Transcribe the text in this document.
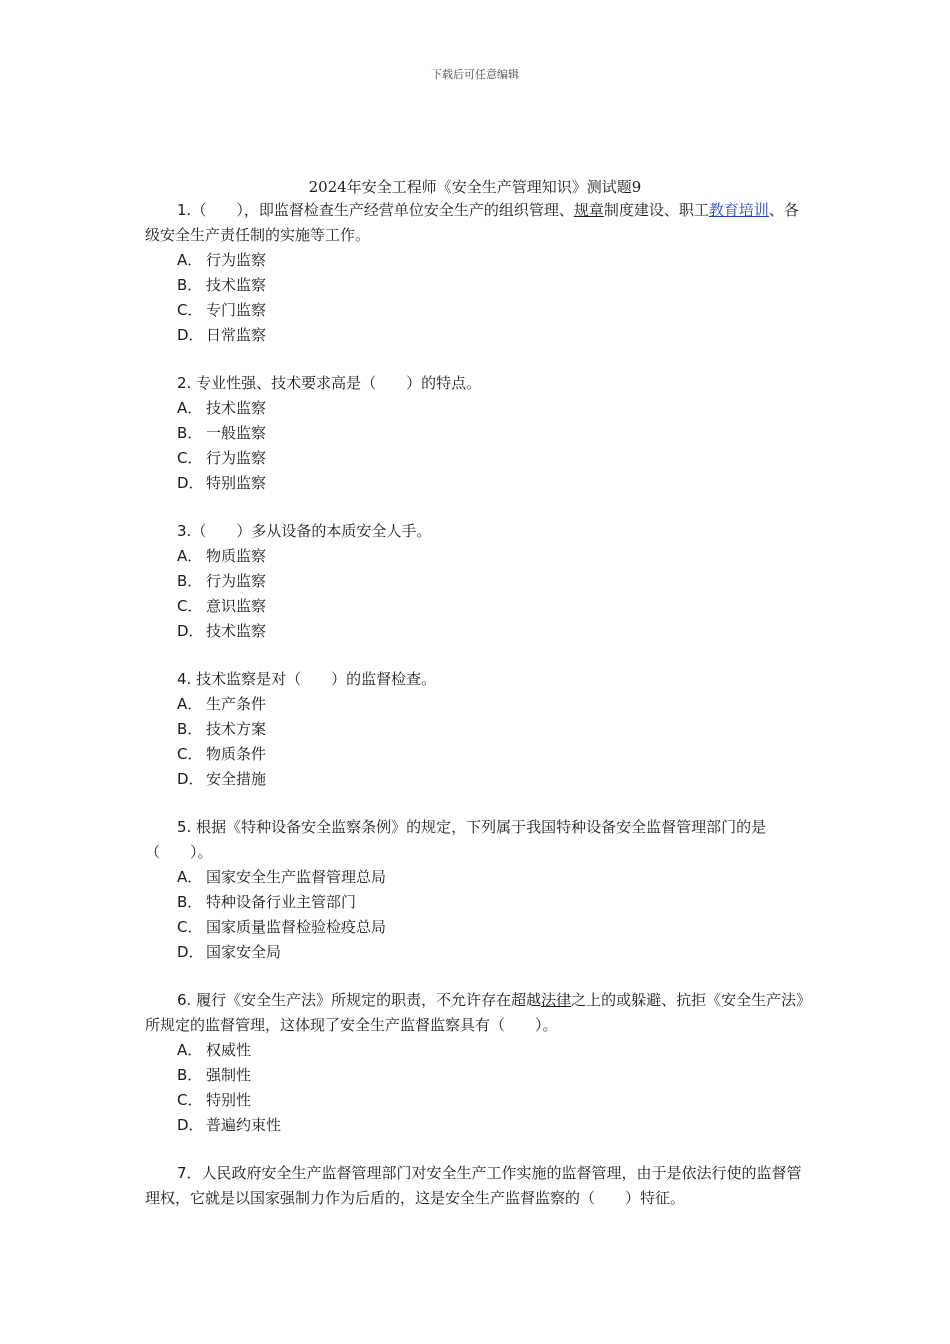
下载后可任意编辑
2024年安全工程师《安全生产管理知识》测试题9

1.（　　），即监督检查生产经营单位安全生产的组织管理、规章制度建设、职工教育培训、各级安全生产责任制的实施等工作。

A． 行为监察

B． 技术监察

C． 专门监察

D． 日常监察

2. 专业性强、技术要求高是（　　）的特点。

A． 技术监察

B． 一般监察

C． 行为监察

D． 特别监察

3.（　　）多从设备的本质安全人手。

A． 物质监察

B． 行为监察

C． 意识监察

D． 技术监察

4. 技术监察是对（　　）的监督检查。

A． 生产条件

B． 技术方案

C． 物质条件

D． 安全措施

5. 根据《特种设备安全监察条例》的规定，下列属于我国特种设备安全监督管理部门的是（　　）。

A． 国家安全生产监督管理总局

B． 特种设备行业主管部门

C． 国家质量监督检验检疫总局

D． 国家安全局

6. 履行《安全生产法》所规定的职责，不允许存在超越法律之上的或躲避、抗拒《安全生产法》所规定的监督管理，这体现了安全生产监督监察具有（　　）。

A． 权威性

B． 强制性

C． 特别性

D． 普遍约束性

7．人民政府安全生产监督管理部门对安全生产工作实施的监督管理，由于是依法行使的监督管理权，它就是以国家强制力作为后盾的，这是安全生产监督监察的（　　）特征。
